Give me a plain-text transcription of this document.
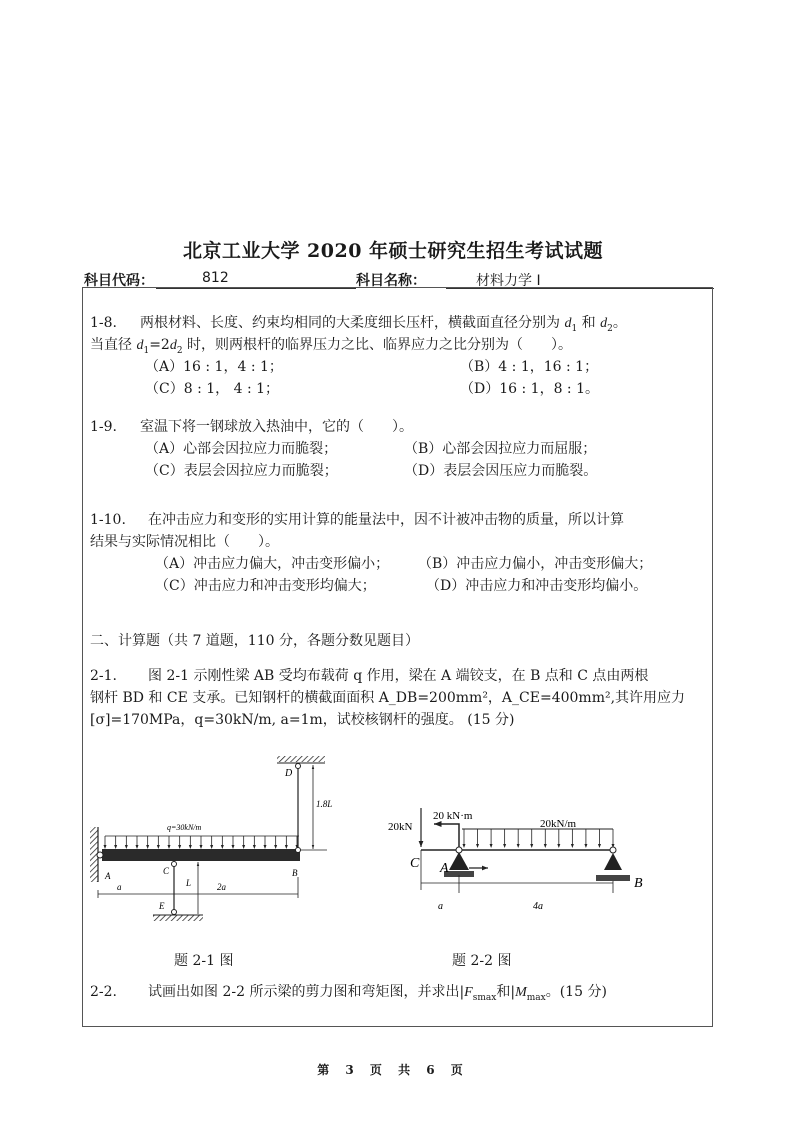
北京工业大学 2020 年硕士研究生招生考试试题
科目代码：	812	科目名称：	材料力学 I
1-8. 两根材料、长度、约束均相同的大柔度细长压杆，横截面直径分别为 $d_1$ 和 $d_2$。
当直径 $d_1=2d_2$ 时，则两根杆的临界压力之比、临界应力之比分别为（　　）。
（A）16 : 1，4 : 1；	（B）4 : 1，16 : 1；
（C）8 : 1， 4 : 1；	（D）16 : 1，8 : 1。
1-9. 室温下将一钢球放入热油中，它的（　　）。
（A）心部会因拉应力而脆裂；	（B）心部会因拉应力而屈服；
（C）表层会因拉应力而脆裂；	（D）表层会因压应力而脆裂。
1-10. 在冲击应力和变形的实用计算的能量法中，因不计被冲击物的质量，所以计算
结果与实际情况相比（　　）。
（A）冲击应力偏大，冲击变形偏小； （B）冲击应力偏小，冲击变形偏大；
（C）冲击应力和冲击变形均偏大；	（D）冲击应力和冲击变形均偏小。
二、计算题（共 7 道题，110 分，各题分数见题目）
2-1. 图 2-1 示刚性梁 AB 受均布载荷 q 作用，梁在 A 端铰支，在 B 点和 C 点由两根
钢杆 BD 和 CE 支承。已知钢杆的横截面面积 A_DB=200mm²，A_CE=400mm²,其许用应力
[σ]=170MPa，q=30kN/m, a=1m，试校核钢杆的强度。 (15 分)
q=30kN/m
D
1.8L
L
A	C	B
E
a	2a
20kN
C
20 kN·m
A
20kN/m
B
a	4a
题 2-1 图	题 2-2 图
2-2. 试画出如图 2-2 所示梁的剪力图和弯矩图，并求出$|F_{smax}$和$|M_{max}$。(15 分)
第 3 页 共 6 页
